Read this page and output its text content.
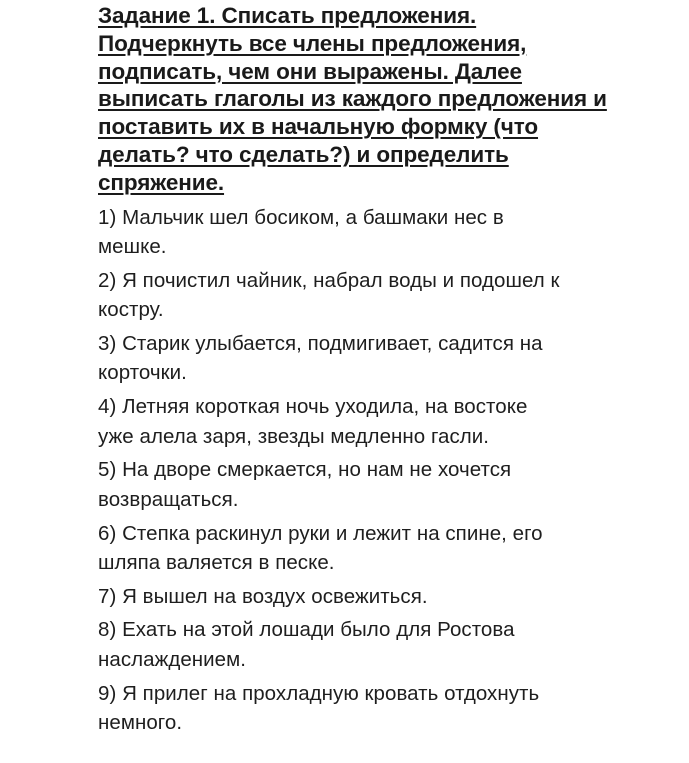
Задание 1. Списать предложения.
Подчеркнуть все члены предложения,
подписать, чем они выражены. Далее
выписать глаголы из каждого предложения и
поставить их в начальную формку (что
делать? что сделать?) и определить
спряжение.
1) Мальчик шел босиком, а башмаки нес в
мешке.
2) Я почистил чайник, набрал воды и подошел к
костру.
3) Старик улыбается, подмигивает, садится на
корточки.
4) Летняя короткая ночь уходила, на востоке
уже алела заря, звезды медленно гасли.
5) На дворе смеркается, но нам не хочется
возвращаться.
6) Степка раскинул руки и лежит на спине, его
шляпа валяется в песке.
7) Я вышел на воздух освежиться.
8) Ехать на этой лошади было для Ростова
наслаждением.
9) Я прилег на прохладную кровать отдохнуть
немного.
